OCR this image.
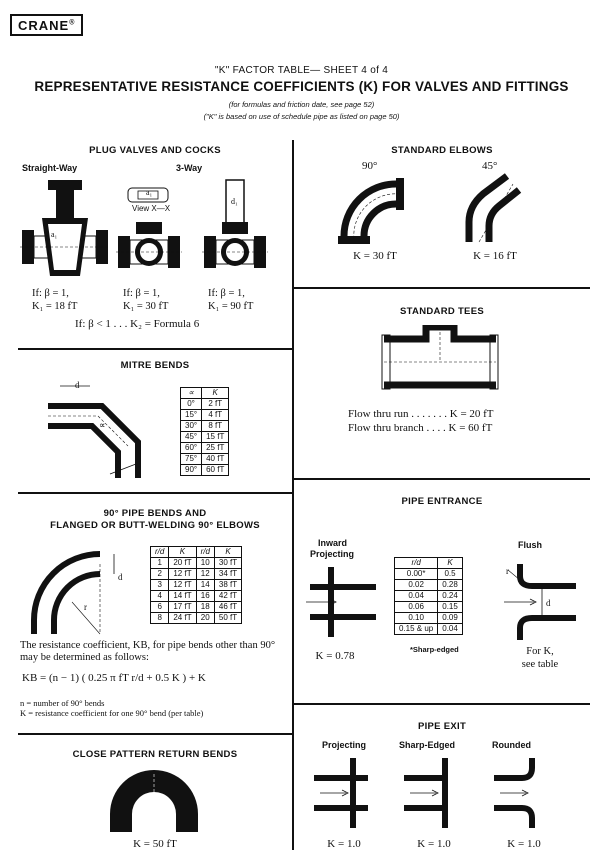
CRANE®
"K" FACTOR TABLE— SHEET 4 of 4
REPRESENTATIVE RESISTANCE COEFFICIENTS (K) FOR VALVES AND FITTINGS
(for formulas and friction date, see page 52)
("K" is based on use of schedule pipe as listed on page 50)
PLUG VALVES AND COCKS
Straight-Way	3-Way
a₁
a₁
d₁
View X—X
If: β = 1,
K₁ = 18 fT
If: β = 1,
K₁ = 30 fT
If: β = 1,
K₁ = 90 fT
If: β < 1 . . . K₂ = Formula 6
MITRE BENDS
d
∝
d
∝	K
0°	2 fT
15°	4 fT
30°	8 fT
45°	15 fT
60°	25 fT
75°	40 fT
90°	60 fT
90° PIPE BENDS AND
FLANGED OR BUTT-WELDING 90° ELBOWS
r
d
r/d	K	r/d	K
1	20 fT	10	30 fT
2	12 fT	12	34 fT
3	12 fT	14	38 fT
4	14 fT	16	42 fT
6	17 fT	18	46 fT
8	24 fT	20	50 fT
The resistance coefficient, KB, for pipe bends other than 90° may be determined as follows:
KB = (n − 1) ( 0.25 π fT r/d + 0.5 K ) + K
n = number of 90° bends
K = resistance coefficient for one 90° bend (per table)
CLOSE PATTERN RETURN BENDS
K = 50 fT
STANDARD ELBOWS
90°	45°
K = 30 fT	K = 16 fT
STANDARD TEES
Flow thru run . . . . . . . K = 20 fT
Flow thru branch . . . . K = 60 fT
PIPE ENTRANCE
Inward
Projecting
Flush
K = 0.78
r/d	K
0.00*	0.5
0.02	0.28
0.04	0.24
0.06	0.15
0.10	0.09
0.15 & up	0.04
*Sharp-edged
r
d
For K,
see table
PIPE EXIT
Projecting	Sharp-Edged	Rounded
K = 1.0	K = 1.0	K = 1.0
